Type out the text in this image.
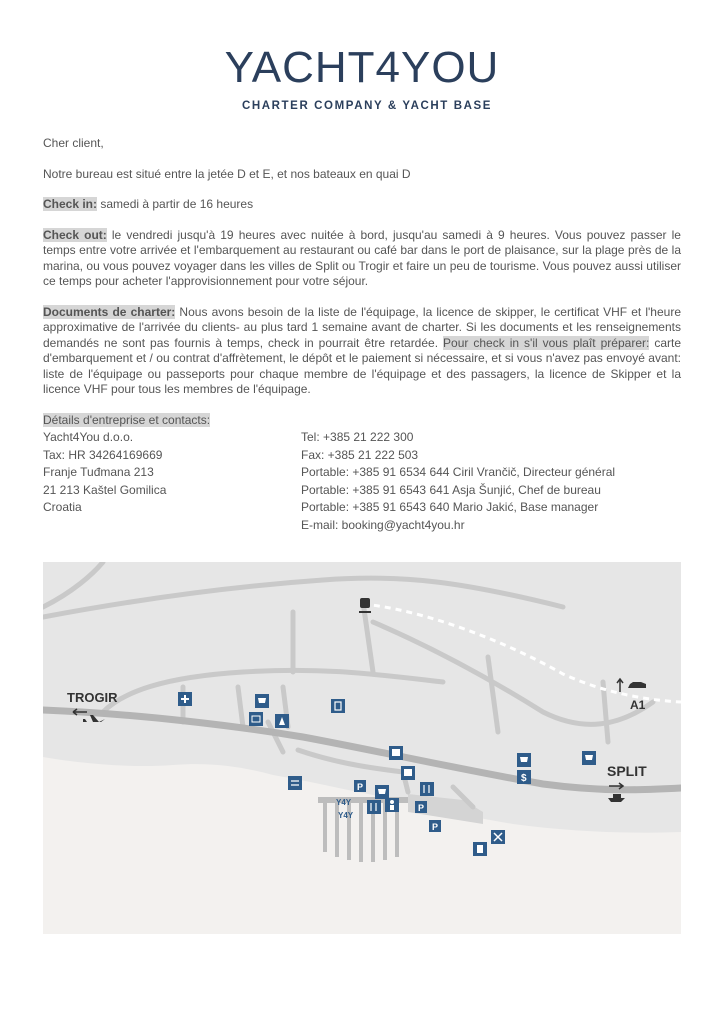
YACHT4YOU
CHARTER COMPANY & YACHT BASE

Cher client,

Notre bureau est situé entre la jetée D et E, et nos bateaux en quai D

Check in: samedi à partir de 16 heures

Check out: le vendredi jusqu'à 19 heures avec nuitée à bord, jusqu'au samedi à 9 heures. Vous pouvez passer le temps entre votre arrivée et l'embarquement au restaurant ou café bar dans le port de plaisance, sur la plage près de la marina, ou vous pouvez voyager dans les villes de Split ou Trogir et faire un peu de tourisme. Vous pouvez aussi utiliser ce temps pour acheter l'approvisionnement pour votre séjour.

Documents de charter: Nous avons besoin de la liste de l'équipage, la licence de skipper, le certificat VHF et l'heure approximative de l'arrivée du clients- au plus tard 1 semaine avant de charter. Si les documents et les renseignements demandés ne sont pas fournis à temps, check in pourrait être retardée. Pour check in s'il vous plaît préparer: carte d'embarquement et / ou contrat d'affrètement, le dépôt et le paiement si nécessaire, et si vous n'avez pas envoyé avant: liste de l'équipage ou passeports pour chaque membre de l'équipage et des passagers, la licence de Skipper et la licence VHF pour tous les membres de l'équipage.

Détails d'entreprise et contacts:

Yacht4You d.o.o.
Tax: HR 34264169669
Franje Tuđmana 213
21 213 Kaštel Gomilica
Croatia
Tel: +385 21 222 300
Fax: +385 21 222 503
Portable: +385 91 6534 644 Ciril Vrančič, Directeur général
Portable: +385 91 6543 641 Asja Šunjić, Chef de bureau
Portable: +385 91 6543 640 Mario Jakić, Base manager
E-mail: booking@yacht4you.hr
TROGIR
SPLIT
A1
Y4Y
Y4Y
$
P
P
P
